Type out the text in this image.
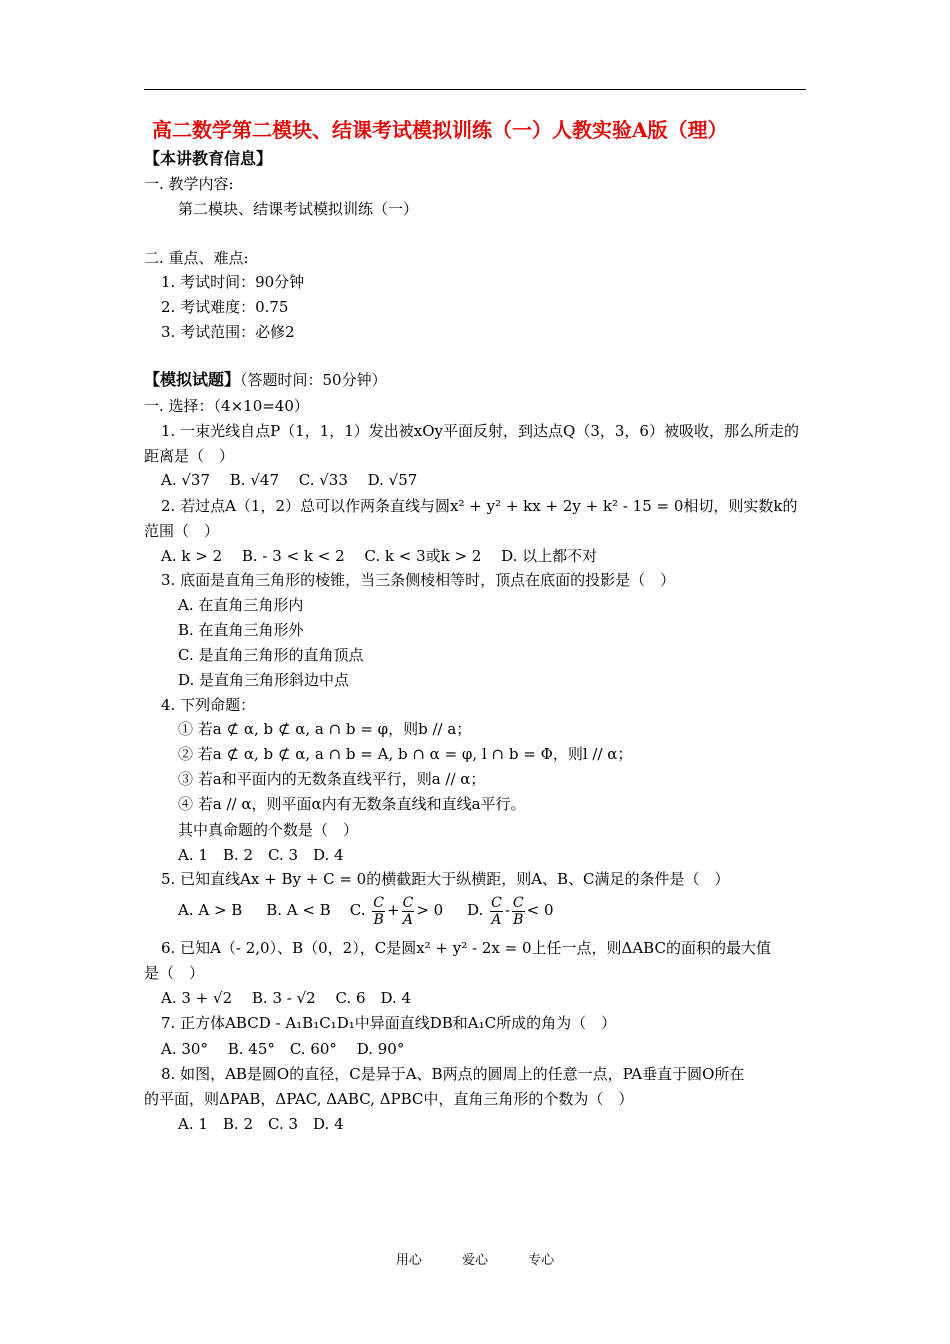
高二数学第二模块、结课考试模拟训练（一）人教实验A版（理）
【本讲教育信息】
一. 教学内容:
第二模块、结课考试模拟训练（一）
二. 重点、难点:
1. 考试时间：90分钟
2. 考试难度：0.75
3. 考试范围：必修2
【模拟试题】（答题时间：50分钟）
一. 选择：（4×10=40）
1. 一束光线自点P（1，1，1）发出被xOy平面反射，到达点Q（3，3，6）被吸收，那么所走的
距离是（　）
A. √37　 B. √47　 C. √33　 D. √57
2. 若过点A（1，2）总可以作两条直线与圆x² + y² + kx + 2y + k² - 15 = 0相切，则实数k的
范围（　）
A. k > 2　 B. - 3 < k < 2　 C. k < 3或k > 2　 D. 以上都不对
3. 底面是直角三角形的棱锥，当三条侧棱相等时，顶点在底面的投影是（　）
A. 在直角三角形内
B. 在直角三角形外
C. 是直角三角形的直角顶点
D. 是直角三角形斜边中点
4. 下列命题：
① 若a ⊄ α, b ⊄ α, a ∩ b = φ，则b // a；
② 若a ⊄ α, b ⊄ α, a ∩ b = A, b ∩ α = φ, l ∩ b = Φ，则l // α；
③ 若a和平面内的无数条直线平行，则a // α；
④ 若a // α，则平面α内有无数条直线和直线a平行。
其中真命题的个数是（　）
A. 1　B. 2　C. 3　D. 4
5. 已知直线Ax + By + C = 0的横截距大于纵横距，则A、B、C满足的条件是（　）
A. A > B B. A < B C. $\frac{C}{B} + \frac{C}{A} > 0$ D. $\frac{C}{A} - \frac{C}{B} < 0$
6. 已知A（- 2,0）、B（0，2），C是圆x² + y² - 2x = 0上任一点，则ΔABC的面积的最大值
是（　）
A. 3 + √2　 B. 3 - √2　 C. 6　D. 4
7. 正方体ABCD - A₁B₁C₁D₁中异面直线DB和A₁C所成的角为（　）
A. 30°　 B. 45°　C. 60°　 D. 90°
8. 如图，AB是圆O的直径，C是异于A、B两点的圆周上的任意一点，PA垂直于圆O所在
的平面，则ΔPAB，ΔPAC, ΔABC, ΔPBC中，直角三角形的个数为（　）
A. 1　B. 2　C. 3　D. 4
用心	爱心	专心
